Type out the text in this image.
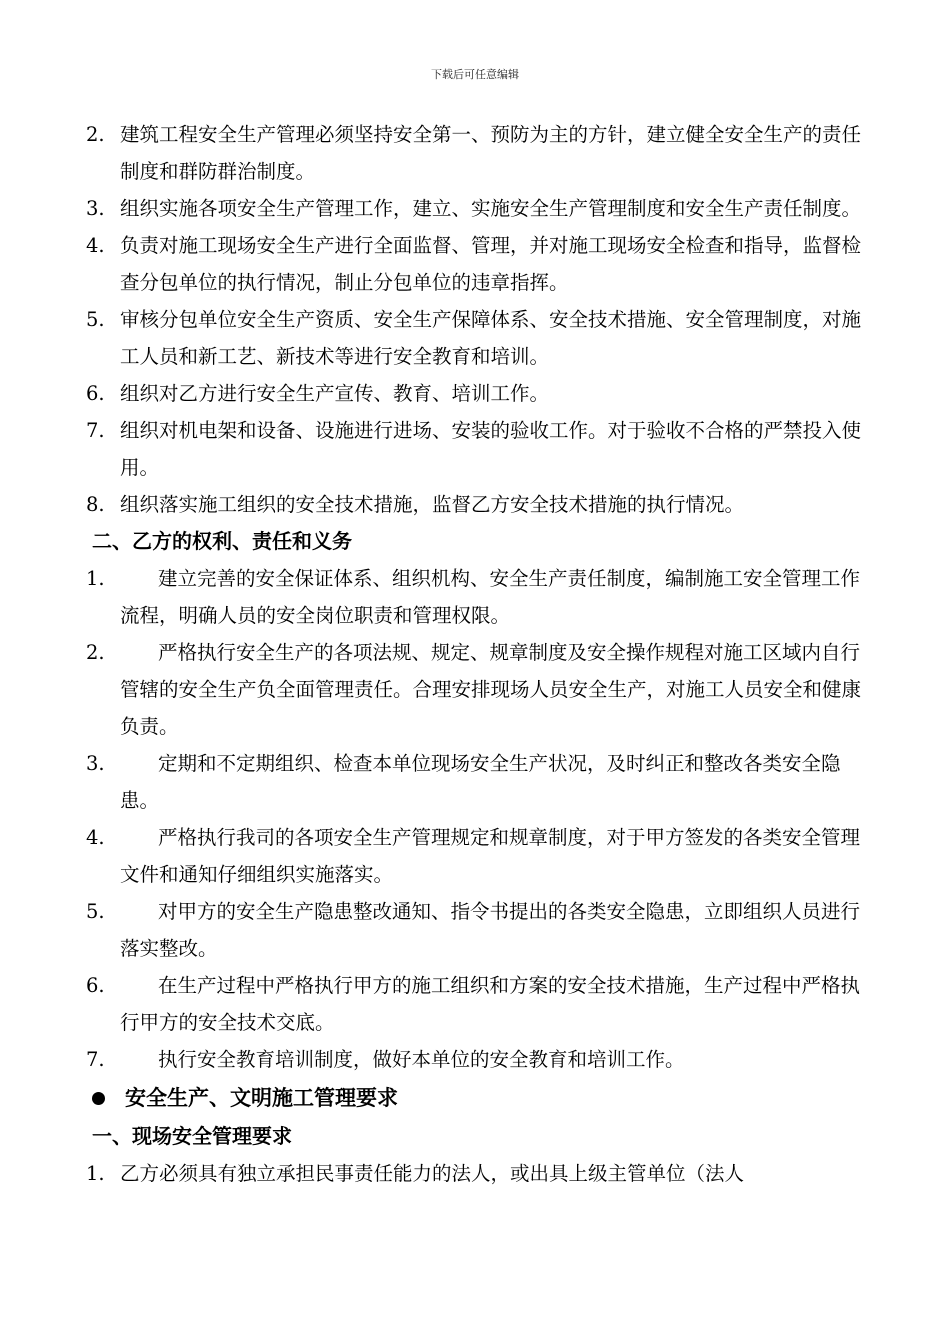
下载后可任意编辑
2. 建筑工程安全生产管理必须坚持安全第一、预防为主的方针，建立健全安全生产的责任制度和群防群治制度。
3. 组织实施各项安全生产管理工作，建立、实施安全生产管理制度和安全生产责任制度。
4. 负责对施工现场安全生产进行全面监督、管理，并对施工现场安全检查和指导，监督检查分包单位的执行情况，制止分包单位的违章指挥。
5. 审核分包单位安全生产资质、安全生产保障体系、安全技术措施、安全管理制度，对施工人员和新工艺、新技术等进行安全教育和培训。
6. 组织对乙方进行安全生产宣传、教育、培训工作。
7. 组织对机电架和设备、设施进行进场、安装的验收工作。对于验收不合格的严禁投入使用。
8. 组织落实施工组织的安全技术措施，监督乙方安全技术措施的执行情况。
二、乙方的权利、责任和义务
1.	建立完善的安全保证体系、组织机构、安全生产责任制度，编制施工安全管理工作流程，明确人员的安全岗位职责和管理权限。
2.	严格执行安全生产的各项法规、规定、规章制度及安全操作规程对施工区域内自行管辖的安全生产负全面管理责任。合理安排现场人员安全生产，对施工人员安全和健康负责。
3.	定期和不定期组织、检查本单位现场安全生产状况，及时纠正和整改各类安全隐患。
4.	严格执行我司的各项安全生产管理规定和规章制度，对于甲方签发的各类安全管理文件和通知仔细组织实施落实。
5.	对甲方的安全生产隐患整改通知、指令书提出的各类安全隐患，立即组织人员进行落实整改。
6.	在生产过程中严格执行甲方的施工组织和方案的安全技术措施，生产过程中严格执行甲方的安全技术交底。
7.	执行安全教育培训制度，做好本单位的安全教育和培训工作。
安全生产、文明施工管理要求
一、现场安全管理要求
1. 乙方必须具有独立承担民事责任能力的法人，或出具上级主管单位（法人
